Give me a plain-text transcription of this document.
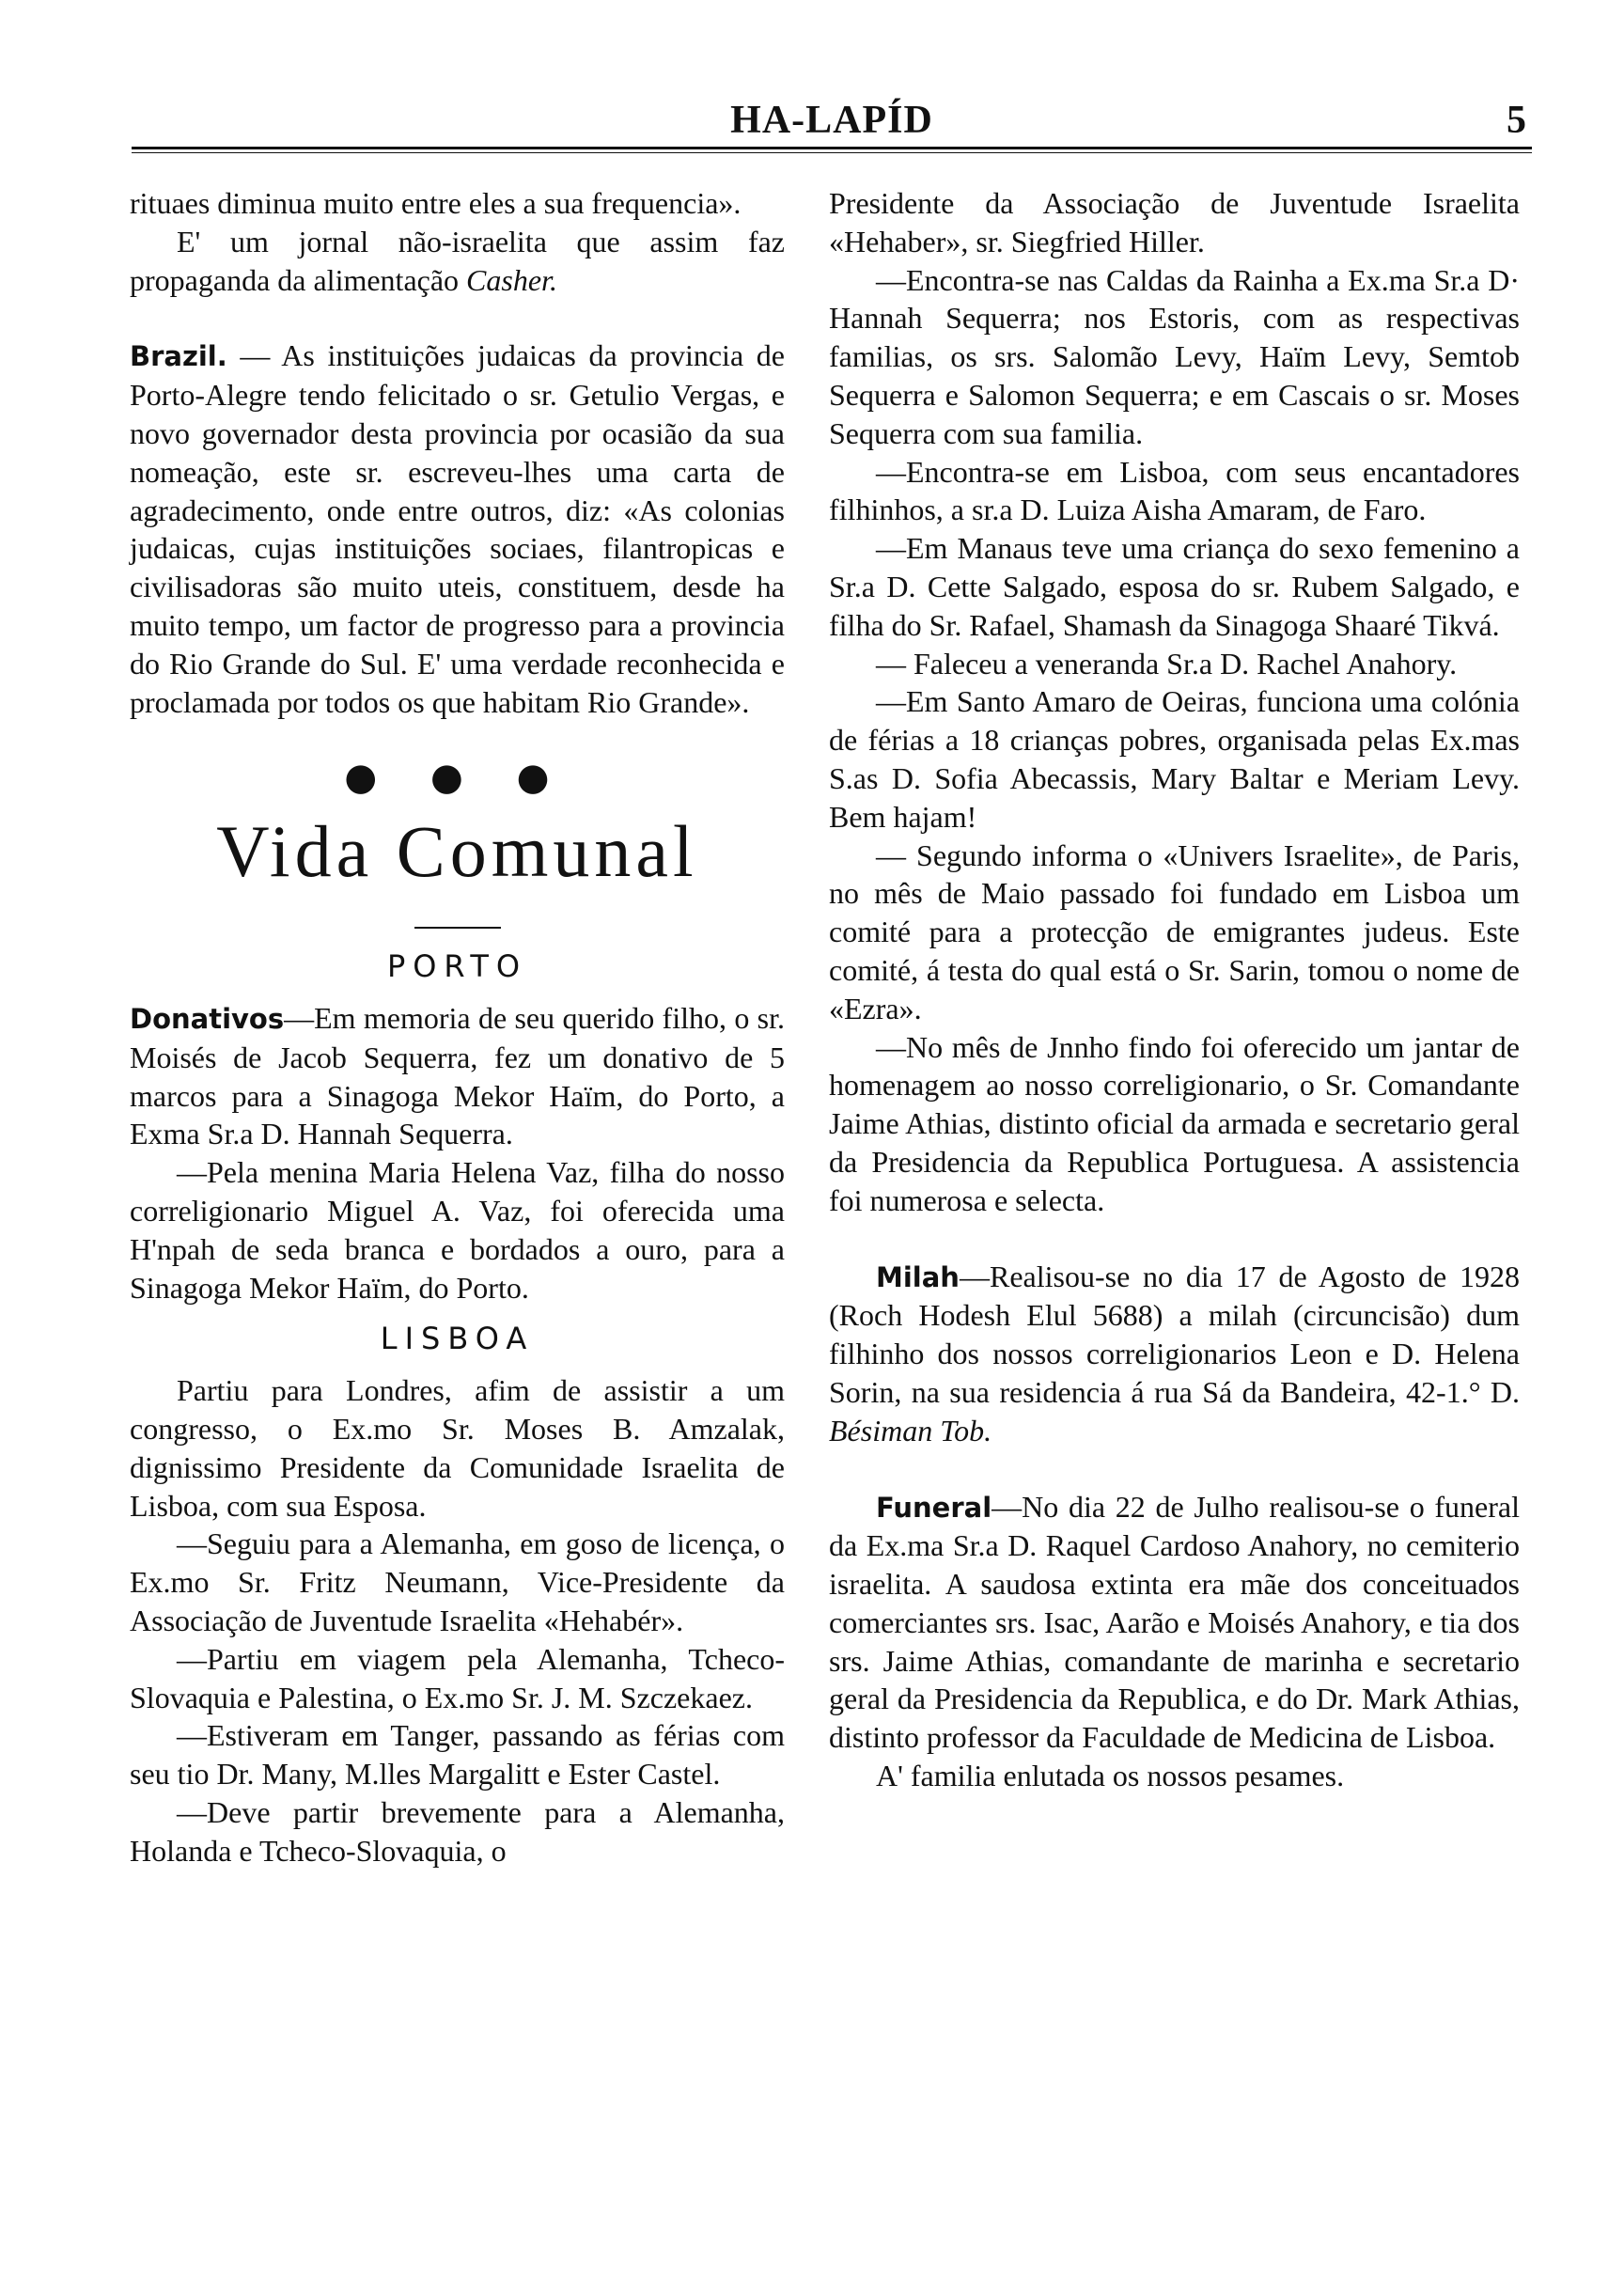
HA-LAPÍD	5

rituaes diminua muito entre eles a sua frequencia».

E' um jornal não-israelita que assim faz propaganda da alimentação Casher.

Brazil. — As instituições judaicas da provincia de Porto-Alegre tendo felicitado o sr. Getulio Vergas, e novo governador desta provincia por ocasião da sua nomeação, este sr. escreveu-lhes uma carta de agradecimento, onde entre outros, diz: «As colonias judaicas, cujas instituições sociaes, filantropicas e civilisadoras são muito uteis, constituem, desde ha muito tempo, um factor de progresso para a provincia do Rio Grande do Sul. E' uma verdade reconhecida e proclamada por todos os que habitam Rio Grande».

● ● ●

Vida Comunal

PORTO

Donativos—Em memoria de seu querido filho, o sr. Moisés de Jacob Sequerra, fez um donativo de 5 marcos para a Sinagoga Mekor Haïm, do Porto, a Exma Sr.a D. Hannah Sequerra.

—Pela menina Maria Helena Vaz, filha do nosso correligionario Miguel A. Vaz, foi oferecida uma H'npah de seda branca e bordados a ouro, para a Sinagoga Mekor Haïm, do Porto.

LISBOA

Partiu para Londres, afim de assistir a um congresso, o Ex.mo Sr. Moses B. Amzalak, dignissimo Presidente da Comunidade Israelita de Lisboa, com sua Esposa.

—Seguiu para a Alemanha, em goso de licença, o Ex.mo Sr. Fritz Neumann, Vice-Presidente da Associação de Juventude Israelita «Hehabér».

—Partiu em viagem pela Alemanha, Tcheco-Slovaquia e Palestina, o Ex.mo Sr. J. M. Szczekaez.

—Estiveram em Tanger, passando as férias com seu tio Dr. Many, M.lles Margalitt e Ester Castel.

—Deve partir brevemente para a Alemanha, Holanda e Tcheco-Slovaquia, o

Presidente da Associação de Juventude Israelita «Hehaber», sr. Siegfried Hiller.

—Encontra-se nas Caldas da Rainha a Ex.ma Sr.a D· Hannah Sequerra; nos Estoris, com as respectivas familias, os srs. Salomão Levy, Haïm Levy, Semtob Sequerra e Salomon Sequerra; e em Cascais o sr. Moses Sequerra com sua familia.

—Encontra-se em Lisboa, com seus encantadores filhinhos, a sr.a D. Luiza Aisha Amaram, de Faro.

—Em Manaus teve uma criança do sexo femenino a Sr.a D. Cette Salgado, esposa do sr. Rubem Salgado, e filha do Sr. Rafael, Shamash da Sinagoga Shaaré Tikvá.

— Faleceu a veneranda Sr.a D. Rachel Anahory.

—Em Santo Amaro de Oeiras, funciona uma colónia de férias a 18 crianças pobres, organisada pelas Ex.mas S.as D. Sofia Abecassis, Mary Baltar e Meriam Levy. Bem hajam!

— Segundo informa o «Univers Israelite», de Paris, no mês de Maio passado foi fundado em Lisboa um comité para a protecção de emigrantes judeus. Este comité, á testa do qual está o Sr. Sarin, tomou o nome de «Ezra».

—No mês de Jnnho findo foi oferecido um jantar de homenagem ao nosso correligionario, o Sr. Comandante Jaime Athias, distinto oficial da armada e secretario geral da Presidencia da Republica Portuguesa. A assistencia foi numerosa e selecta.

Milah—Realisou-se no dia 17 de Agosto de 1928 (Roch Hodesh Elul 5688) a milah (circuncisão) dum filhinho dos nossos correligionarios Leon e D. Helena Sorin, na sua residencia á rua Sá da Bandeira, 42-1.° D. Bésiman Tob.

Funeral—No dia 22 de Julho realisou-se o funeral da Ex.ma Sr.a D. Raquel Cardoso Anahory, no cemiterio israelita. A saudosa extinta era mãe dos conceituados comerciantes srs. Isac, Aarão e Moisés Anahory, e tia dos srs. Jaime Athias, comandante de marinha e secretario geral da Presidencia da Republica, e do Dr. Mark Athias, distinto professor da Faculdade de Medicina de Lisboa.

A' familia enlutada os nossos pesames.
